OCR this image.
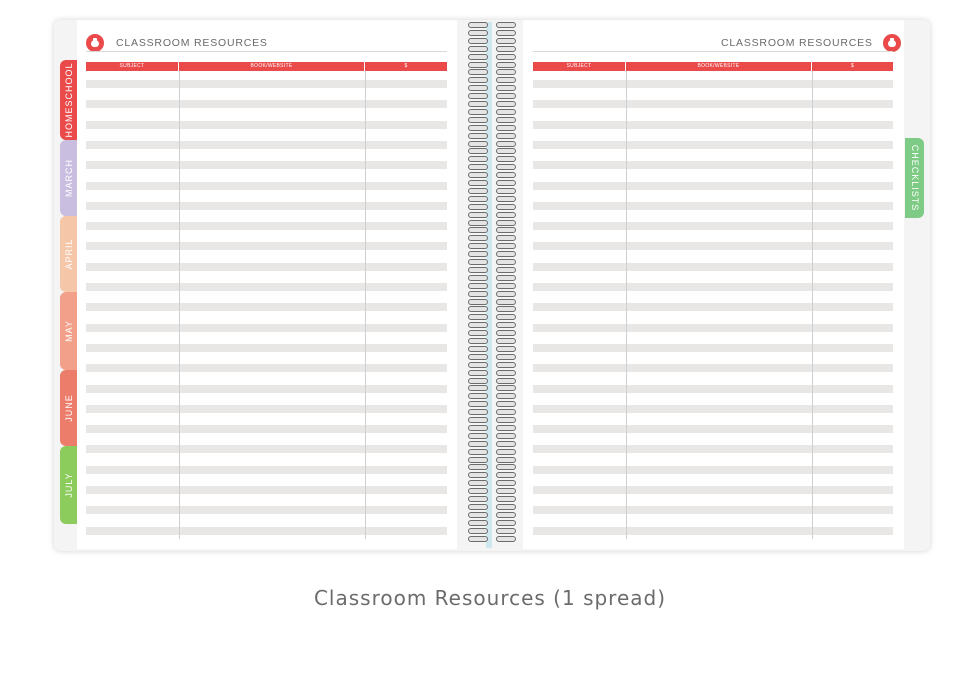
HOMESCHOOL
MARCH
APRIL
MAY
JUNE
JULY
CHECKLISTS
CLASSROOM RESOURCES	CLASSROOM RESOURCES
SUBJECT	BOOK/WEBSITE	$	SUBJECT	BOOK/WEBSITE	$
Classroom Resources (1 spread)
